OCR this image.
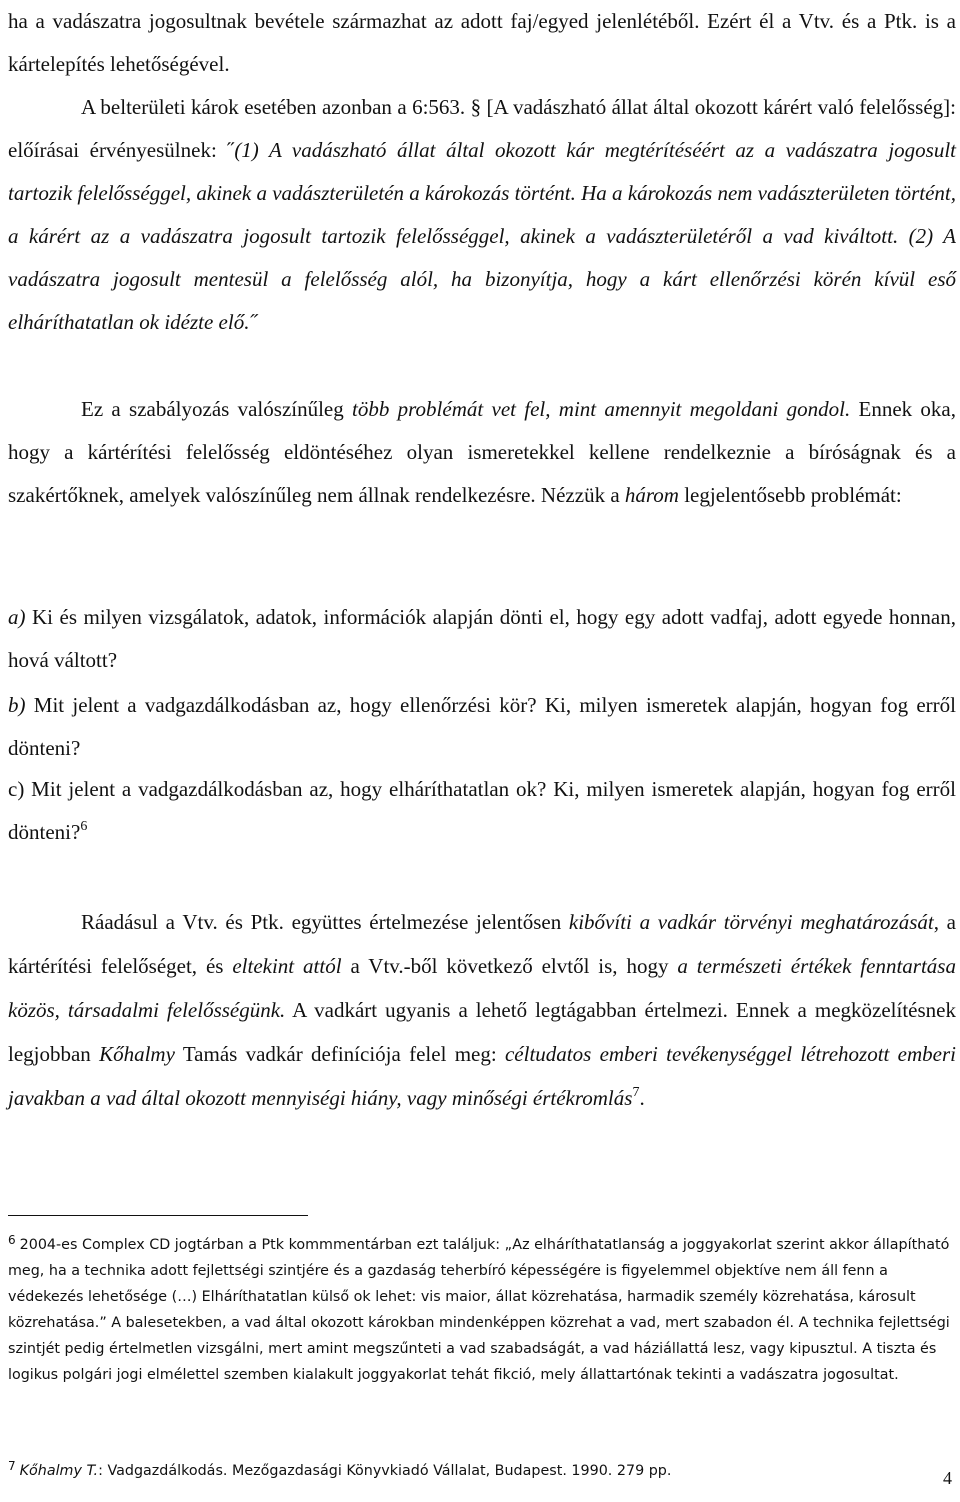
ha a vadászatra jogosultnak bevétele származhat az adott faj/egyed jelenlétéből. Ezért él a Vtv. és a Ptk. is a kártelepítés lehetőségével.
A belterületi károk esetében azonban a 6:563. § [A vadászható állat által okozott kárért való felelősség]: előírásai érvényesülnek: ˝(1) A vadászható állat által okozott kár megtérítéséért az a vadászatra jogosult tartozik felelősséggel, akinek a vadászterületén a károkozás történt. Ha a károkozás nem vadászterületen történt, a kárért az a vadászatra jogosult tartozik felelősséggel, akinek a vadászterületéről a vad kiváltott. (2) A vadászatra jogosult mentesül a felelősség alól, ha bizonyítja, hogy a kárt ellenőrzési körén kívül eső elháríthatatlan ok idézte elő.˝

Ez a szabályozás valószínűleg több problémát vet fel, mint amennyit megoldani gondol. Ennek oka, hogy a kártérítési felelősség eldöntéséhez olyan ismeretekkel kellene rendelkeznie a bíróságnak és a szakértőknek, amelyek valószínűleg nem állnak rendelkezésre. Nézzük a három legjelentősebb problémát:

a) Ki és milyen vizsgálatok, adatok, információk alapján dönti el, hogy egy adott vadfaj, adott egyede honnan, hová váltott?

b) Mit jelent a vadgazdálkodásban az, hogy ellenőrzési kör? Ki, milyen ismeretek alapján, hogyan fog erről dönteni?

c) Mit jelent a vadgazdálkodásban az, hogy elháríthatatlan ok? Ki, milyen ismeretek alapján, hogyan fog erről dönteni?$^6$

Ráadásul a Vtv. és Ptk. együttes értelmezése jelentősen kibővíti a vadkár törvényi meghatározását, a kártérítési felelőséget, és eltekint attól a Vtv.-ből következő elvtől is, hogy a természeti értékek fenntartása közös, társadalmi felelősségünk. A vadkárt ugyanis a lehető legtágabban értelmezi. Ennek a megközelítésnek legjobban Kőhalmy Tamás vadkár definíciója felel meg: céltudatos emberi tevékenységgel létrehozott emberi javakban a vad által okozott mennyiségi hiány, vagy minőségi értékromlás$^7$.

$^6$ 2004-es Complex CD jogtárban a Ptk kommmentárban ezt találjuk: „Az elháríthatatlanság a joggyakorlat szerint akkor állapítható meg, ha a technika adott fejlettségi szintjére és a gazdaság teherbíró képességére is figyelemmel objektíve nem áll fenn a védekezés lehetősége (…) Elháríthatatlan külső ok lehet: vis maior, állat közrehatása, harmadik személy közrehatása, károsult közrehatása.” A balesetekben, a vad által okozott károkban mindenképpen közrehat a vad, mert szabadon él. A technika fejlettségi szintjét pedig értelmetlen vizsgálni, mert amint megszűnteti a vad szabadságát, a vad háziállattá lesz, vagy kipusztul. A tiszta és logikus polgári jogi elmélettel szemben kialakult joggyakorlat tehát fikció, mely állattartónak tekinti a vadászatra jogosultat.

$^7$ Kőhalmy T.: Vadgazdálkodás. Mezőgazdasági Könyvkiadó Vállalat, Budapest. 1990. 279 pp.	4
